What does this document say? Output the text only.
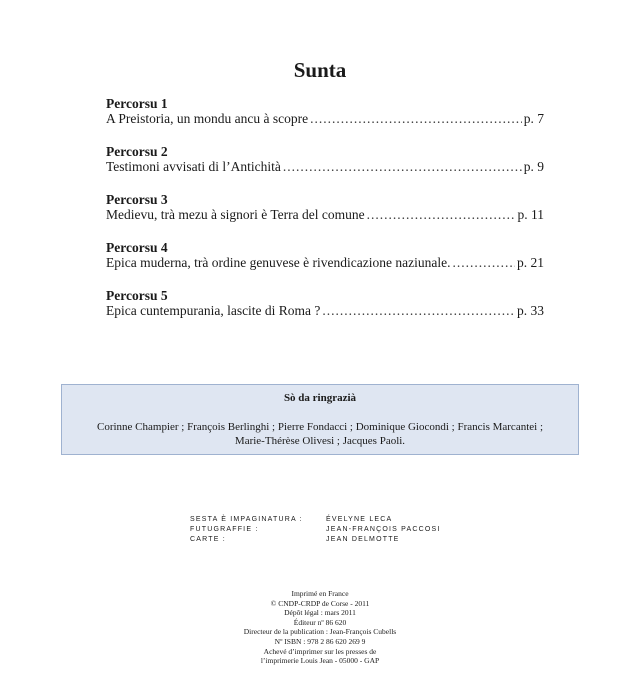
Sunta
Percorsu 1
A Preistoria, un mondu ancu à scopre .....	p. 7
Percorsu 2
Testimoni avvisati di l’Antichità .....	p. 9
Percorsu 3
Medievu, trà mezu à signori è Terra del comune .....	p. 11
Percorsu 4
Epica muderna, trà ordine genuvese è rivendicazione naziunale. .....	p. 21
Percorsu 5
Epica cuntempurania, lascite di Roma ? .....	p. 33
Sò da ringrazià
Corinne Champier ; François Berlinghi ; Pierre Fondacci ; Dominique Giocondi ; Francis Marcantei ;
Marie-Thérèse Olivesi ; Jacques Paoli.
SESTA È IMPAGINATURA :	ÉVELYNE LECA
FUTUGRAFFIE :	JEAN-FRANÇOIS PACCOSI
CARTE :	JEAN DELMOTTE
Imprimé en France
© CNDP-CRDP de Corse - 2011
Dépôt légal : mars 2011
Éditeur nº 86 620
Directeur de la publication : Jean-François Cubells
Nº ISBN : 978 2 86 620 269 9
Achevé d’imprimer sur les presses de
l’imprimerie Louis Jean - 05000 - GAP
